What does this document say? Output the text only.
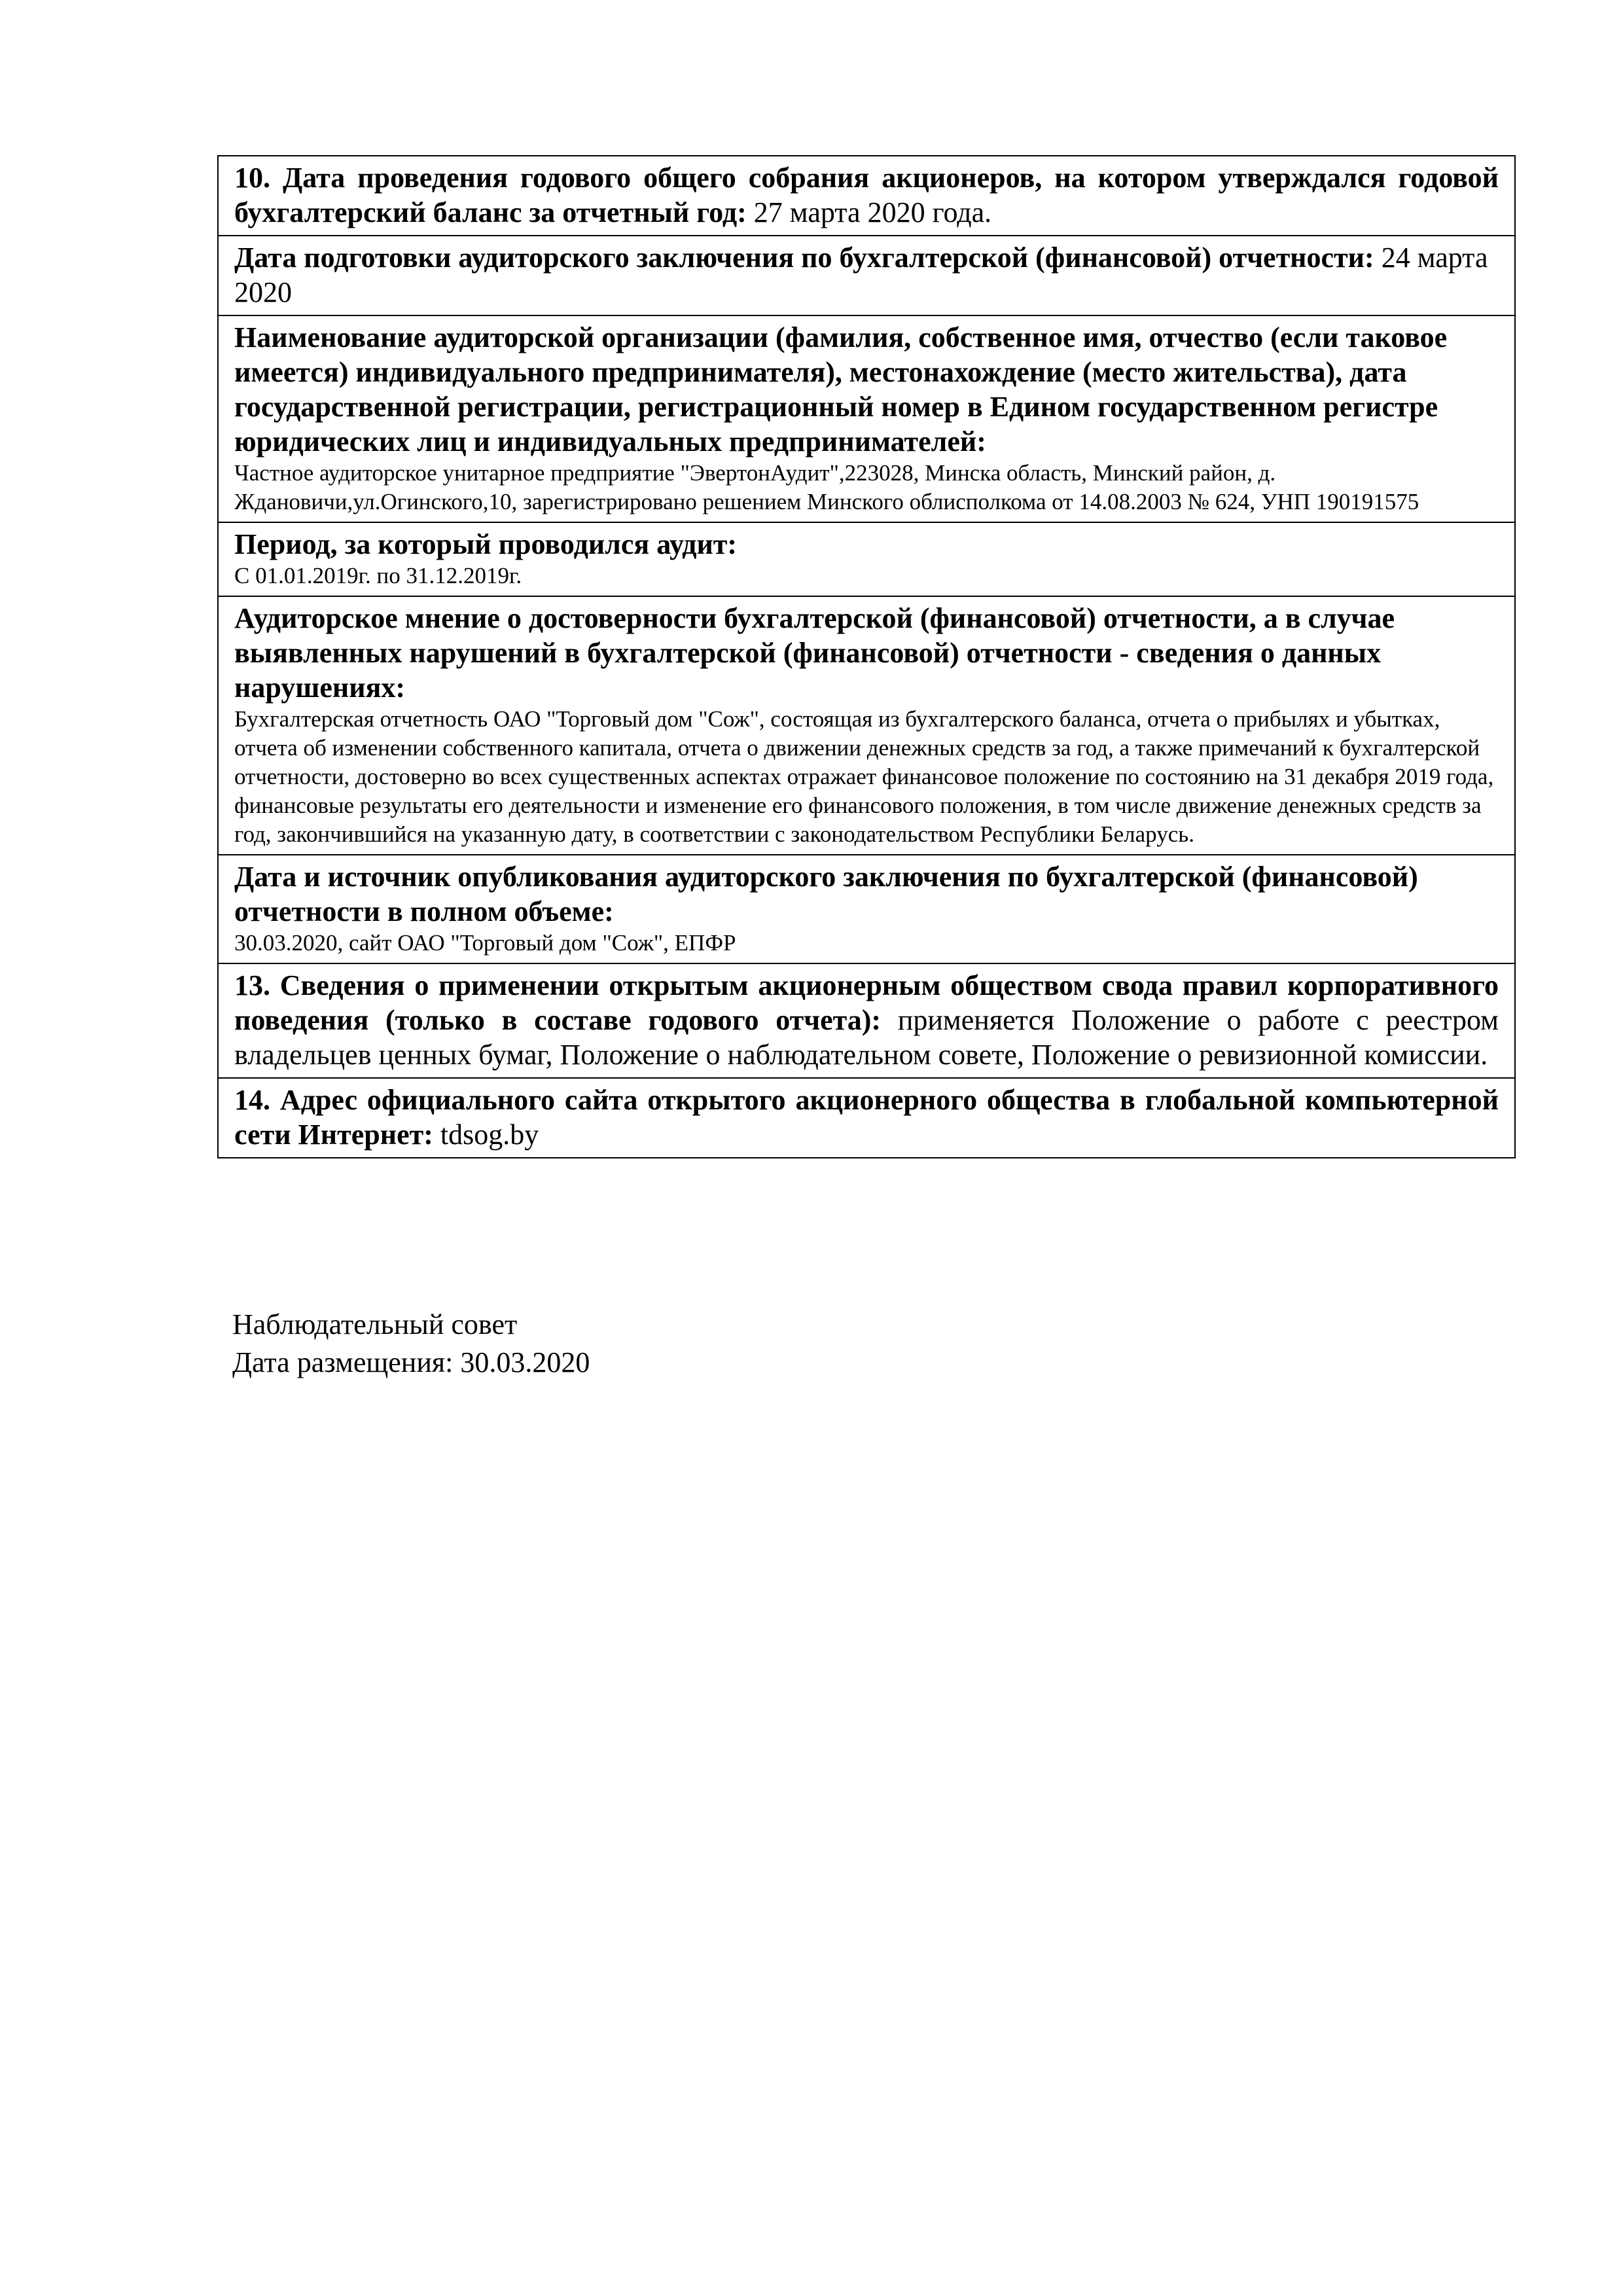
10. Дата проведения годового общего собрания акционеров, на котором утверждался годовой бухгалтерский баланс за отчетный год: 27 марта 2020 года.

Дата подготовки аудиторского заключения по бухгалтерской (финансовой) отчетности: 24 марта 2020

Наименование аудиторской организации (фамилия, собственное имя, отчество (если таковое имеется) индивидуального предпринимателя), местонахождение (место жительства), дата государственной регистрации, регистрационный номер в Едином государственном регистре юридических лиц и индивидуальных предпринимателей:
Частное аудиторское унитарное предприятие "ЭвертонАудит",223028, Минска область, Минский район, д. Ждановичи,ул.Огинского,10, зарегистрировано решением Минского облисполкома от 14.08.2003 № 624, УНП 190191575

Период, за который проводился аудит:
С 01.01.2019г. по 31.12.2019г.

Аудиторское мнение о достоверности бухгалтерской (финансовой) отчетности, а в случае выявленных нарушений в бухгалтерской (финансовой) отчетности - сведения о данных нарушениях:
Бухгалтерская отчетность ОАО "Торговый дом "Сож", состоящая из бухгалтерского баланса, отчета о прибылях и убытках, отчета об изменении собственного капитала, отчета о движении денежных средств за год, а также примечаний к бухгалтерской отчетности, достоверно во всех существенных аспектах отражает финансовое положение по состоянию на 31 декабря 2019 года, финансовые результаты его деятельности и изменение его финансового положения, в том числе движение денежных средств за год, закончившийся на указанную дату, в соответствии с законодательством Республики Беларусь.

Дата и источник опубликования аудиторского заключения по бухгалтерской (финансовой) отчетности в полном объеме:
30.03.2020, сайт ОАО "Торговый дом "Сож", ЕПФР

13. Сведения о применении открытым акционерным обществом свода правил корпоративного поведения (только в составе годового отчета): применяется Положение о работе с реестром владельцев ценных бумаг, Положение о наблюдательном совете, Положение о ревизионной комиссии.

14. Адрес официального сайта открытого акционерного общества в глобальной компьютерной сети Интернет: tdsog.by
Наблюдательный совет
Дата размещения: 30.03.2020
